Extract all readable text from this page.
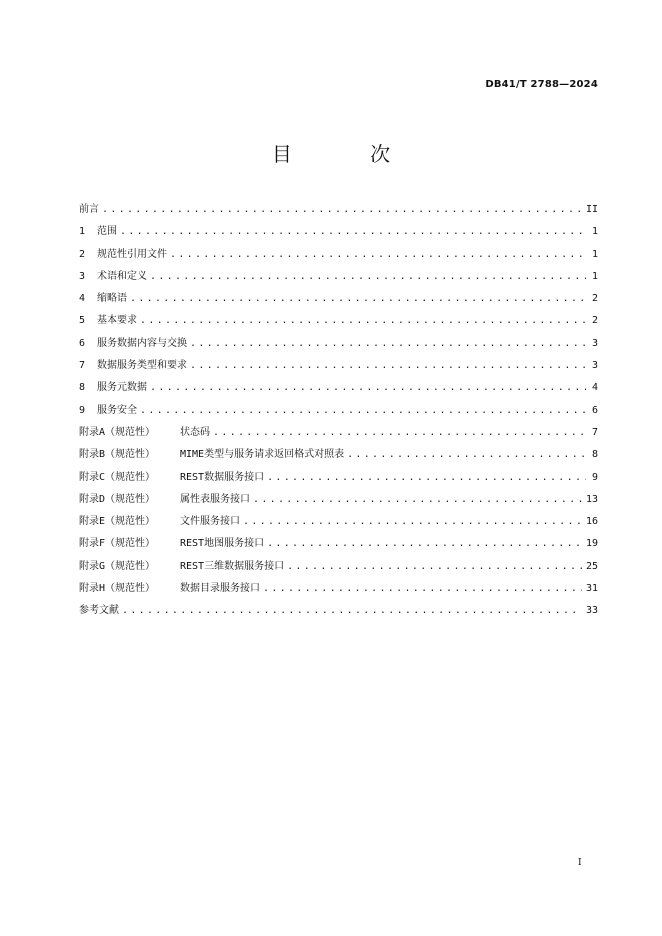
DB41/T 2788—2024
目 次
前言 .....	II
1	范围 .....	1
2	规范性引用文件 .....	1
3	术语和定义 .....	1
4	缩略语 .....	2
5	基本要求 .....	2
6	服务数据内容与交换 .....	3
7	数据服务类型和要求 .....	3
8	服务元数据 .....	4
9	服务安全 .....	6
附录A（规范性）	状态码 .....	7
附录B（规范性）	MIME类型与服务请求返回格式对照表 .....	8
附录C（规范性）	REST数据服务接口 .....	9
附录D（规范性）	属性表服务接口 .....	13
附录E（规范性）	文件服务接口 .....	16
附录F（规范性）	REST地图服务接口 .....	19
附录G（规范性）	REST三维数据服务接口 .....	25
附录H（规范性）	数据目录服务接口 .....	31
参考文献 .....	33
I
